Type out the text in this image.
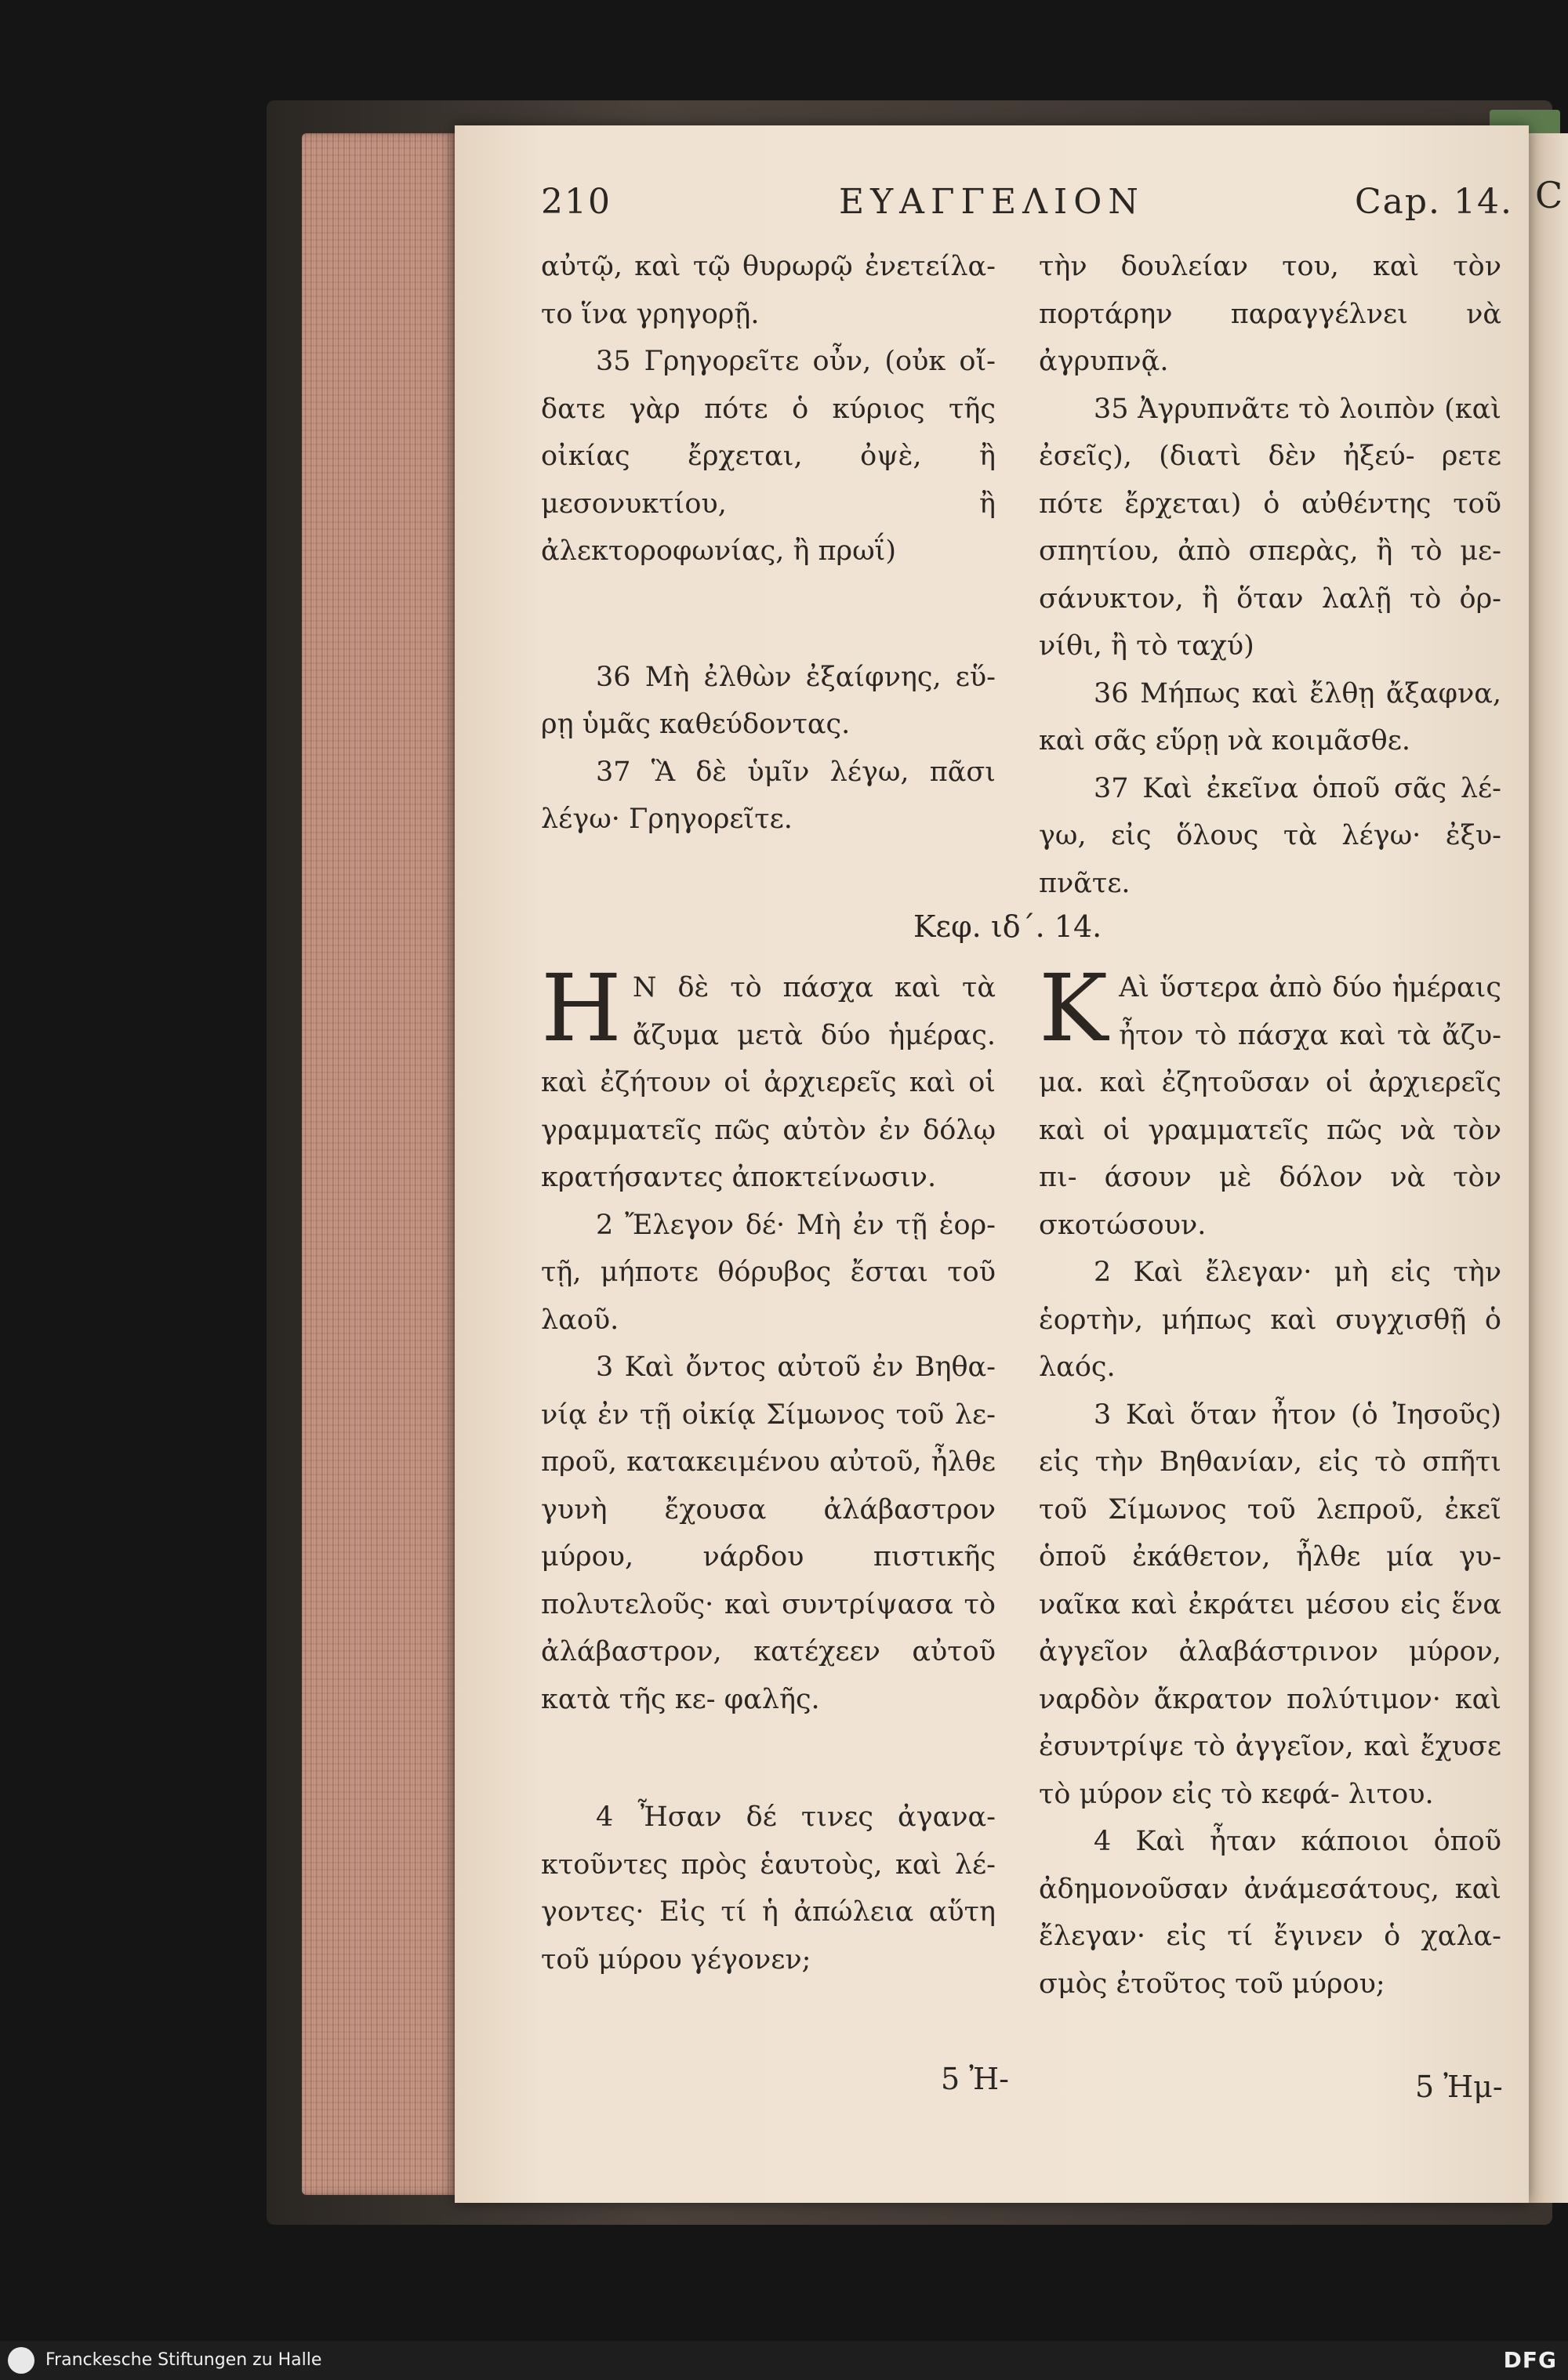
C
210	ΕΥΑΓΓΕΛΙΟΝ	Cap. 14.

αὐτῷ, καὶ τῷ θυρωρῷ ἐνετείλα- το ἵνα γρηγορῇ.

35 Γρηγορεῖτε οὖν, (οὐκ οἴ- δατε γὰρ πότε ὁ κύριος τῆς οἰκίας ἔρχεται, ὀψὲ, ἢ μεσονυκτίου, ἢ ἀλεκτοροφωνίας, ἢ πρωΐ)

36 Μὴ ἐλθὼν ἐξαίφνης, εὕ- ρῃ ὑμᾶς καθεύδοντας.

37 Ἃ δὲ ὑμῖν λέγω, πᾶσι λέγω· Γρηγορεῖτε.

τὴν δουλείαν του, καὶ τὸν πορτάρην παραγγέλνει νὰ ἀγρυπνᾷ.

35 Ἀγρυπνᾶτε τὸ λοιπὸν (καὶ ἐσεῖς), (διατὶ δὲν ἠξεύ- ρετε πότε ἔρχεται) ὁ αὐθέντης τοῦ σπητίου, ἀπὸ σπερὰς, ἢ τὸ με- σάνυκτον, ἢ ὅταν λαλῇ τὸ ὀρ- νίθι, ἢ τὸ ταχύ)

36 Μήπως καὶ ἔλθῃ ἄξαφνα, καὶ σᾶς εὕρῃ νὰ κοιμᾶσθε.

37 Καὶ ἐκεῖνα ὁποῦ σᾶς λέ- γω, εἰς ὅλους τὰ λέγω· ἐξυ- πνᾶτε.

Κεφ. ιδ΄. 14.

Η Ν δὲ τὸ πάσχα καὶ τὰ ἄζυμα μετὰ δύο ἡμέρας. καὶ ἐζήτουν οἱ ἀρχιερεῖς καὶ οἱ γραμματεῖς πῶς αὐτὸν ἐν δόλῳ κρατήσαντες ἀποκτείνωσιν.

2 Ἔλεγον δέ· Μὴ ἐν τῇ ἑορ- τῇ, μήποτε θόρυβος ἔσται τοῦ λαοῦ.

3 Καὶ ὄντος αὐτοῦ ἐν Βηθα- νίᾳ ἐν τῇ οἰκίᾳ Σίμωνος τοῦ λε- προῦ, κατακειμένου αὐτοῦ, ἦλθε γυνὴ ἔχουσα ἀλάβαστρον μύρου, νάρδου πιστικῆς πολυτελοῦς· καὶ συντρίψασα τὸ ἀλάβαστρον, κατέχεεν αὐτοῦ κατὰ τῆς κε- φαλῆς.

4 Ἦσαν δέ τινες ἀγανα- κτοῦντες πρὸς ἑαυτοὺς, καὶ λέ- γοντες· Εἰς τί ἡ ἀπώλεια αὕτη τοῦ μύρου γέγονεν;

Κ Αὶ ὕστερα ἀπὸ δύο ἡμέραις ἦτον τὸ πάσχα καὶ τὰ ἄζυ- μα. καὶ ἐζητοῦσαν οἱ ἀρχιερεῖς καὶ οἱ γραμματεῖς πῶς νὰ τὸν πι- άσουν μὲ δόλον νὰ τὸν σκοτώσουν.

2 Καὶ ἔλεγαν· μὴ εἰς τὴν ἑορτὴν, μήπως καὶ συγχισθῇ ὁ λαός.

3 Καὶ ὅταν ἦτον (ὁ Ἰησοῦς) εἰς τὴν Βηθανίαν, εἰς τὸ σπῆτι τοῦ Σίμωνος τοῦ λεπροῦ, ἐκεῖ ὁποῦ ἐκάθετον, ἦλθε μία γυ- ναῖκα καὶ ἐκράτει μέσου εἰς ἕνα ἀγγεῖον ἀλαβάστρινον μύρον, ναρδὸν ἄκρατον πολύτιμον· καὶ ἐσυντρίψε τὸ ἀγγεῖον, καὶ ἔχυσε τὸ μύρον εἰς τὸ κεφά- λιτου.

4 Καὶ ἦταν κάποιοι ὁποῦ ἀδημονοῦσαν ἀνάμεσάτους, καὶ ἔλεγαν· εἰς τί ἔγινεν ὁ χαλα- σμὸς ἐτοῦτος τοῦ μύρου;

5 Ἠ-	5 Ἠμ-
Franckesche Stiftungen zu Halle	DFG
